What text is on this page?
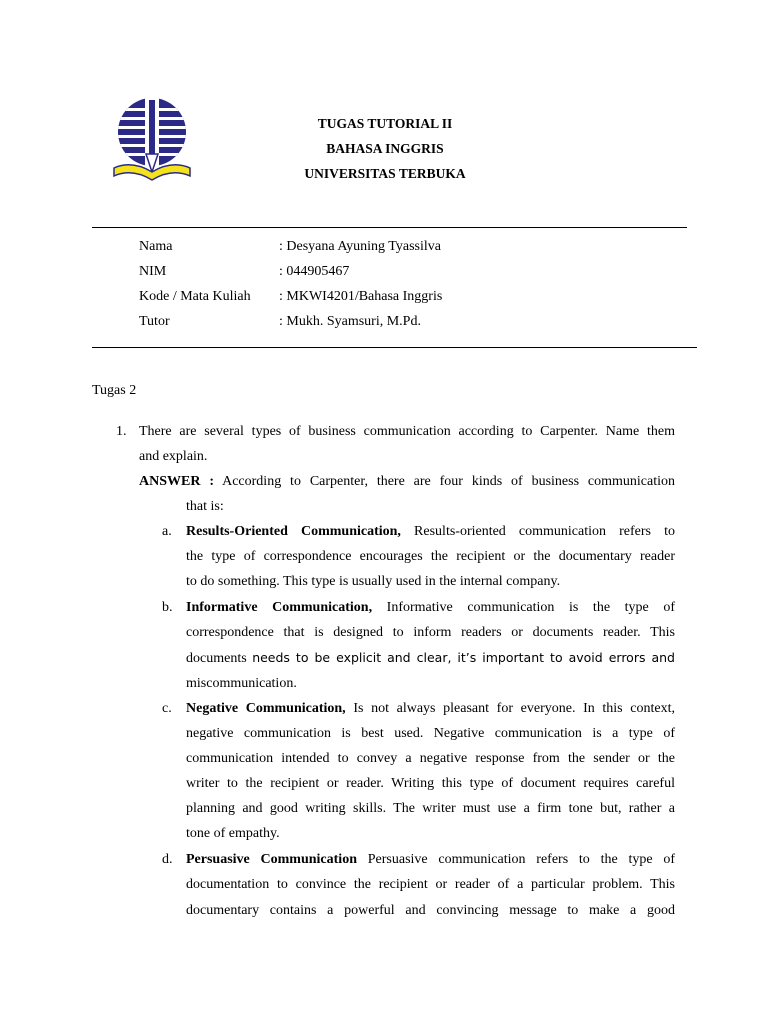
TUGAS TUTORIAL II
BAHASA INGGRIS
UNIVERSITAS TERBUKA
Nama	: Desyana Ayuning Tyassilva
NIM	: 044905467
Kode / Mata Kuliah : MKWI4201/Bahasa Inggris
Tutor	: Mukh. Syamsuri, M.Pd.
Tugas 2
1. There are several types of business communication according to Carpenter. Name them
and explain.
ANSWER : According to Carpenter, there are four kinds of business communication
that is:
a. Results-Oriented Communication, Results-oriented communication refers to
the type of correspondence encourages the recipient or the documentary reader
to do something. This type is usually used in the internal company.
b. Informative Communication, Informative communication is the type of
correspondence that is designed to inform readers or documents reader. This
documents needs to be explicit and clear, it’s important to avoid errors and
miscommunication.
c. Negative Communication, Is not always pleasant for everyone. In this context,
negative communication is best used. Negative communication is a type of
communication intended to convey a negative response from the sender or the
writer to the recipient or reader. Writing this type of document requires careful
planning and good writing skills. The writer must use a firm tone but, rather a
tone of empathy.
d. Persuasive Communication Persuasive communication refers to the type of
documentation to convince the recipient or reader of a particular problem. This
documentary contains a powerful and convincing message to make a good
